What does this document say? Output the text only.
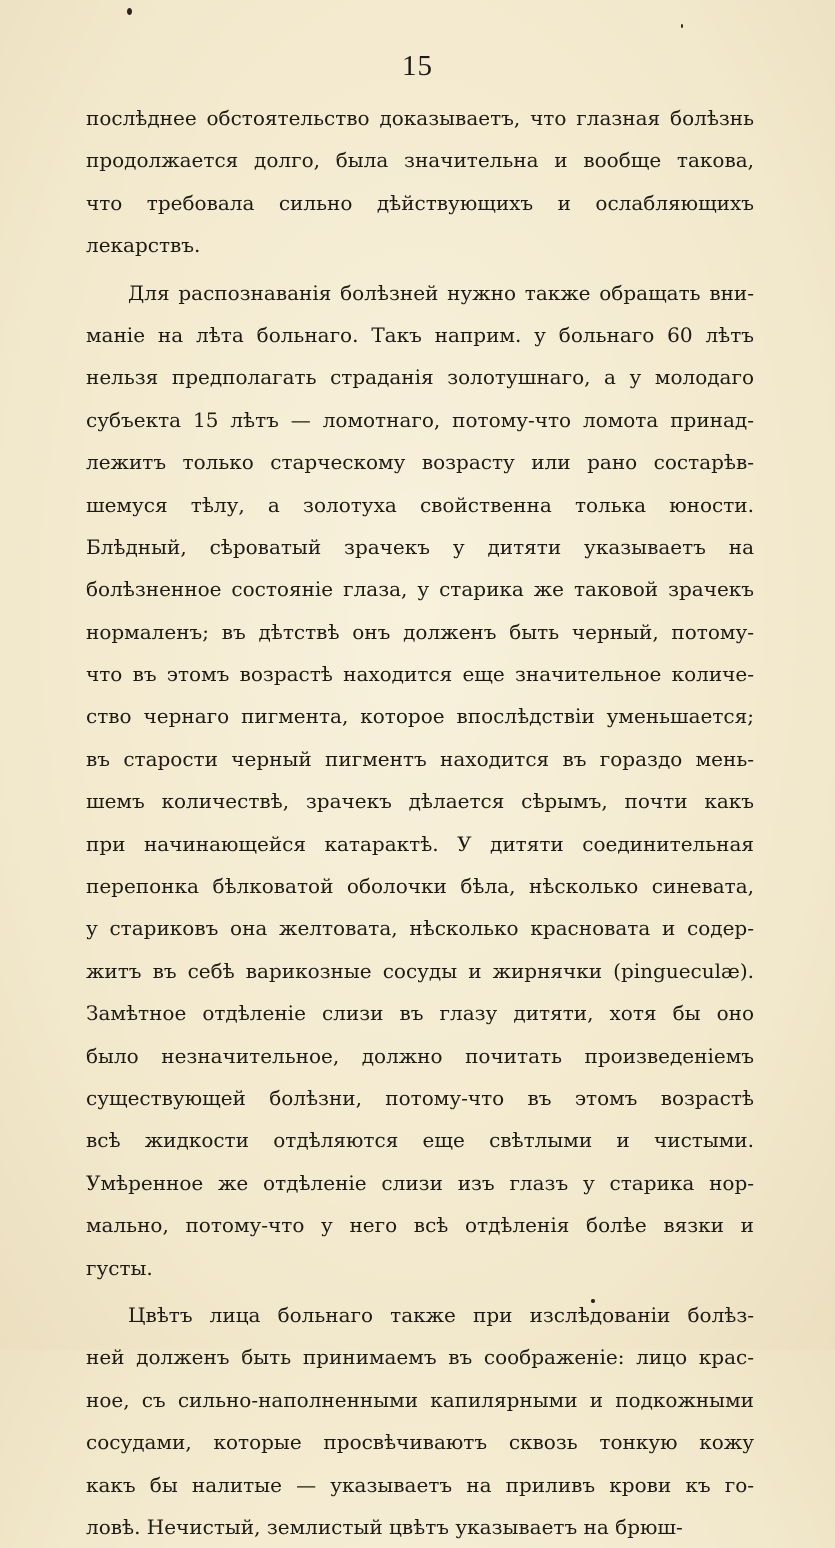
15
послѣднее обстоятельство доказываетъ, что глазная болѣзнь
продолжается долго, была значительна и вообще такова,
что требовала сильно дѣйствующихъ и ослабляющихъ
лекарствъ.
Для распознаванія болѣзней нужно также обращать вни-
маніе на лѣта больнаго. Такъ наприм. у больнаго 60 лѣтъ
нельзя предполагать страданія золотушнаго, а у молодаго
субъекта 15 лѣтъ — ломотнаго, потому-что ломота принад-
лежитъ только старческому возрасту или рано состарѣв-
шемуся тѣлу, а золотуха свойственна толька юности.
Блѣдный, сѣроватый зрачекъ у дитяти указываетъ на
болѣзненное состояніе глаза, у старика же таковой зрачекъ
нормаленъ; въ дѣтствѣ онъ долженъ быть черный, потому-
что въ этомъ возрастѣ находится еще значительное количе-
ство чернаго пигмента, которое впослѣдствіи уменьшается;
въ старости черный пигментъ находится въ гораздо мень-
шемъ количествѣ, зрачекъ дѣлается сѣрымъ, почти какъ
при начинающейся катарактѣ. У дитяти соединительная
перепонка бѣлковатой оболочки бѣла, нѣсколько синевата,
у стариковъ она желтовата, нѣсколько красновата и содер-
житъ въ себѣ варикозные сосуды и жирнячки (pingueculæ).
Замѣтное отдѣленіе слизи въ глазу дитяти, хотя бы оно
было незначительное, должно почитать произведеніемъ
существующей болѣзни, потому-что въ этомъ возрастѣ
всѣ жидкости отдѣляются еще свѣтлыми и чистыми.
Умѣренное же отдѣленіе слизи изъ глазъ у старика нор-
мально, потому-что у него всѣ отдѣленія болѣе вязки и
густы.
Цвѣтъ лица больнаго также при изслѣдованіи болѣз-
ней долженъ быть принимаемъ въ соображеніе: лицо крас-
ное, съ сильно-наполненными капилярными и подкожными
сосудами, которые просвѣчиваютъ сквозь тонкую кожу
какъ бы налитые — указываетъ на приливъ крови къ го-
ловѣ. Нечистый, землистый цвѣтъ указываетъ на брюш-
